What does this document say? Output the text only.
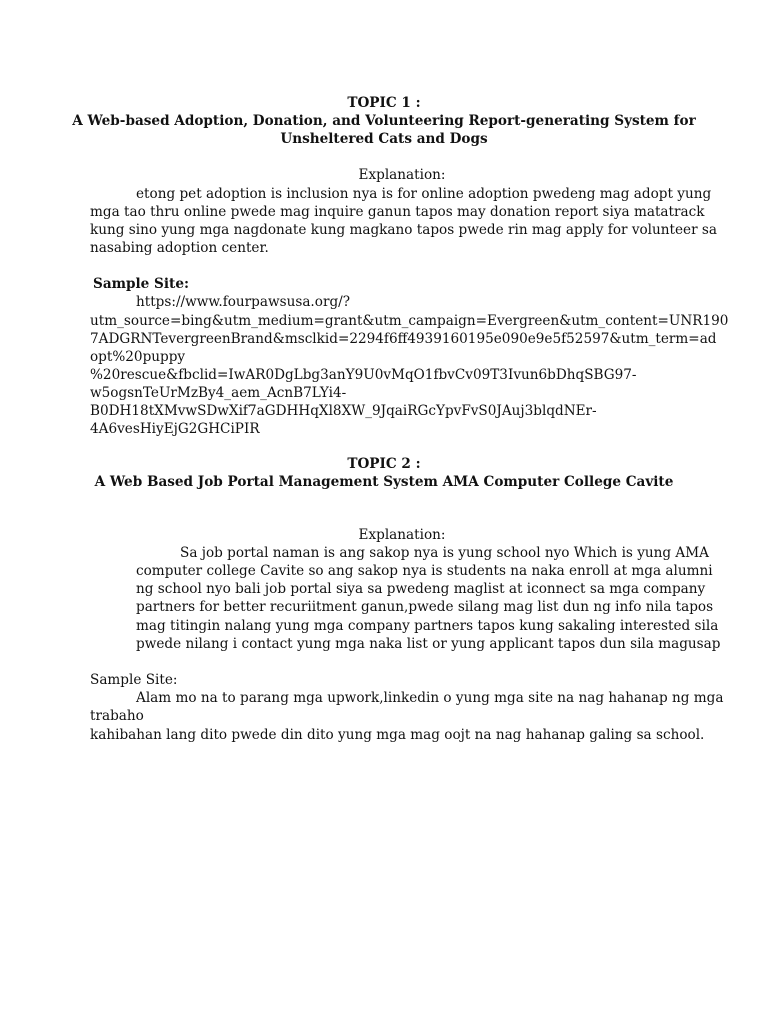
TOPIC 1 :
A Web-based Adoption, Donation, and Volunteering Report-generating System for
Unsheltered Cats and Dogs
Explanation:
etong pet adoption is inclusion nya is for online adoption pwedeng mag adopt yung
mga tao thru online pwede mag inquire ganun tapos may donation report siya matatrack
kung sino yung mga nagdonate kung magkano tapos pwede rin mag apply for volunteer sa
nasabing adoption center.
Sample Site:
https://www.fourpawsusa.org/?
utm_source=bing&utm_medium=grant&utm_campaign=Evergreen&utm_content=UNR190
7ADGRNTevergreenBrand&msclkid=2294f6ff4939160195e090e9e5f52597&utm_term=ad
opt%20puppy
%20rescue&fbclid=IwAR0DgLbg3anY9U0vMqO1fbvCv09T3Ivun6bDhqSBG97-
w5ogsnTeUrMzBy4_aem_AcnB7LYi4-
B0DH18tXMvwSDwXif7aGDHHqXl8XW_9JqaiRGcYpvFvS0JAuj3blqdNEr-
4A6vesHiyEjG2GHCiPIR
TOPIC 2 :
A Web Based Job Portal Management System AMA Computer College Cavite
Explanation:
Sa job portal naman is ang sakop nya is yung school nyo Which is yung AMA
computer college Cavite so ang sakop nya is students na naka enroll at mga alumni
ng school nyo bali job portal siya sa pwedeng maglist at iconnect sa mga company
partners for better recuriitment ganun,pwede silang mag list dun ng info nila tapos
mag titingin nalang yung mga company partners tapos kung sakaling interested sila
pwede nilang i contact yung mga naka list or yung applicant tapos dun sila magusap
Sample Site:
Alam mo na to parang mga upwork,linkedin o yung mga site na nag hahanap ng mga
trabaho
kahibahan lang dito pwede din dito yung mga mag oojt na nag hahanap galing sa school.
